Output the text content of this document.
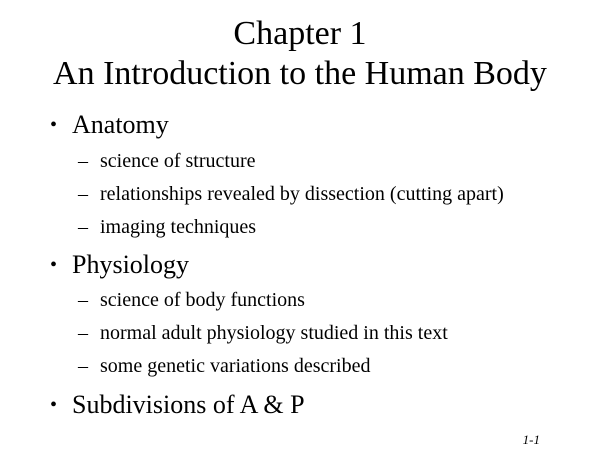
Chapter 1
An Introduction to the Human Body
• Anatomy
– science of structure
– relationships revealed by dissection (cutting apart)
– imaging techniques
• Physiology
– science of body functions
– normal adult physiology studied in this text
– some genetic variations described
• Subdivisions of A & P
1-1
